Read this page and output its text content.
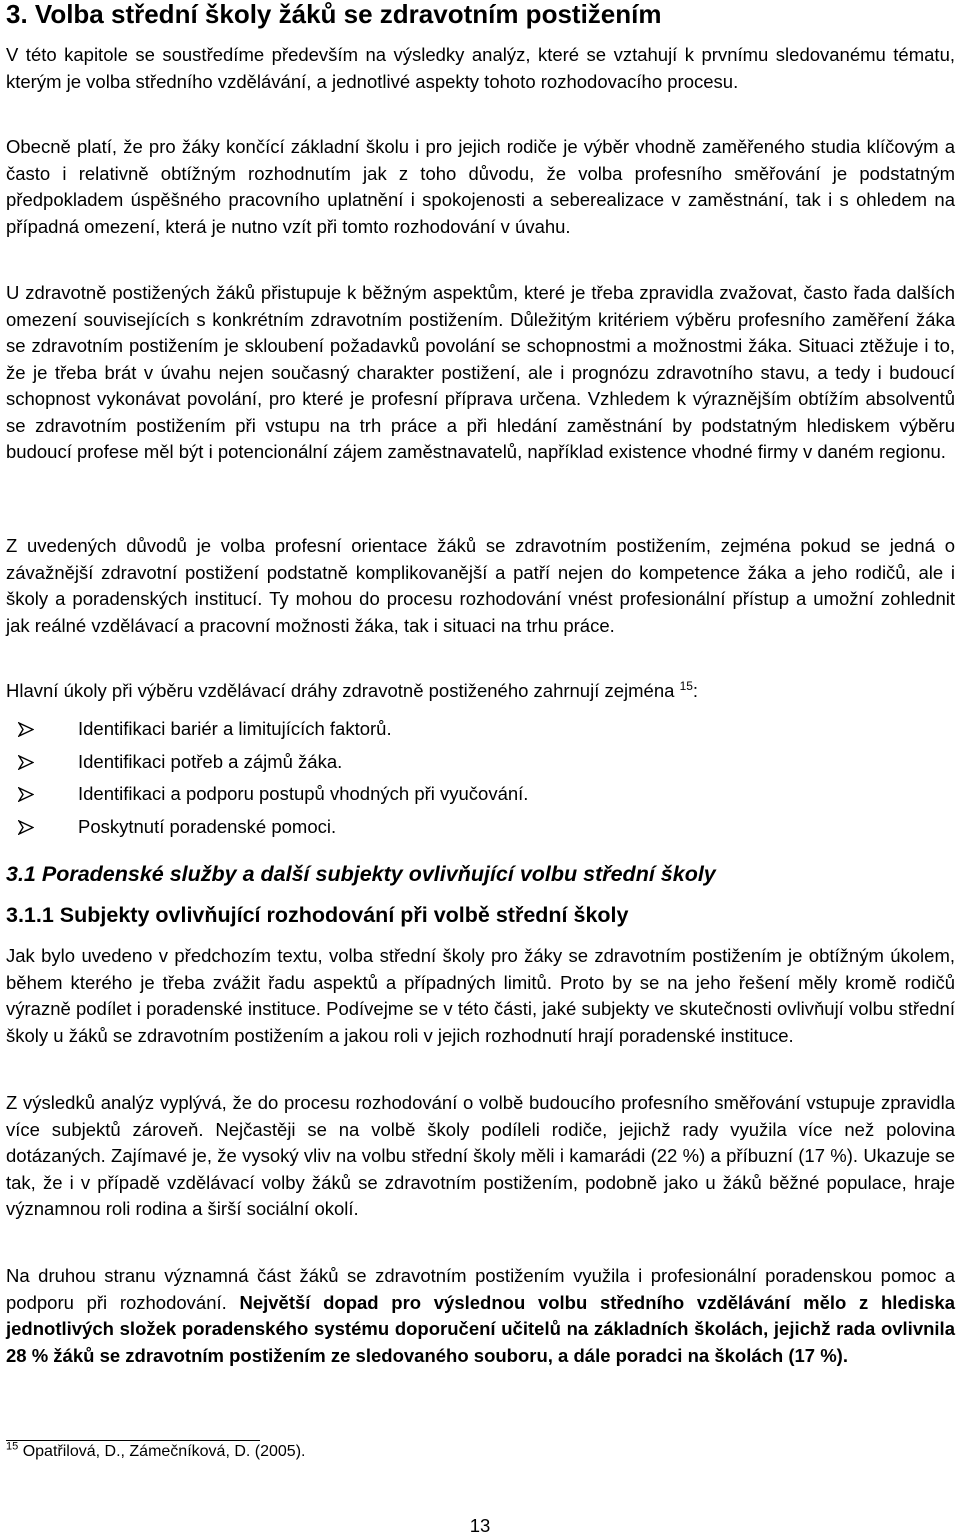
3. Volba střední školy žáků se zdravotním postižením

V této kapitole se soustředíme především na výsledky analýz, které se vztahují k prvnímu sledovanému tématu, kterým je volba středního vzdělávání, a jednotlivé aspekty tohoto rozhodovacího procesu.

Obecně platí, že pro žáky končící základní školu i pro jejich rodiče je výběr vhodně zaměřeného studia klíčovým a často i relativně obtížným rozhodnutím jak z toho důvodu, že volba profesního směřování je podstatným předpokladem úspěšného pracovního uplatnění i spokojenosti a seberealizace v zaměstnání, tak i s ohledem na případná omezení, která je nutno vzít při tomto rozhodování v úvahu.

U zdravotně postižených žáků přistupuje k běžným aspektům, které je třeba zpravidla zvažovat, často řada dalších omezení souvisejících s konkrétním zdravotním postižením. Důležitým kritériem výběru profesního zaměření žáka se zdravotním postižením je skloubení požadavků povolání se schopnostmi a možnostmi žáka. Situaci ztěžuje i to, že je třeba brát v úvahu nejen současný charakter postižení, ale i prognózu zdravotního stavu, a tedy i budoucí schopnost vykonávat povolání, pro které je profesní příprava určena. Vzhledem k výraznějším obtížím absolventů se zdravotním postižením při vstupu na trh práce a při hledání zaměstnání by podstatným hlediskem výběru budoucí profese měl být i potencionální zájem zaměstnavatelů, například existence vhodné firmy v daném regionu.

Z uvedených důvodů je volba profesní orientace žáků se zdravotním postižením, zejména pokud se jedná o závažnější zdravotní postižení podstatně komplikovanější a patří nejen do kompetence žáka a jeho rodičů, ale i školy a poradenských institucí. Ty mohou do procesu rozhodování vnést profesionální přístup a umožní zohlednit jak reálné vzdělávací a pracovní možnosti žáka, tak i situaci na trhu práce.

Hlavní úkoly při výběru vzdělávací dráhy zdravotně postiženého zahrnují zejména $^{15}$:

Identifikaci bariér a limitujících faktorů.
Identifikaci potřeb a zájmů žáka.
Identifikaci a podporu postupů vhodných při vyučování.
Poskytnutí poradenské pomoci.
3.1 Poradenské služby a další subjekty ovlivňující volbu střední školy
3.1.1 Subjekty ovlivňující rozhodování při volbě střední školy

Jak bylo uvedeno v předchozím textu, volba střední školy pro žáky se zdravotním postižením je obtížným úkolem, během kterého je třeba zvážit řadu aspektů a případných limitů. Proto by se na jeho řešení měly kromě rodičů výrazně podílet i poradenské instituce. Podívejme se v této části, jaké subjekty ve skutečnosti ovlivňují volbu střední školy u žáků se zdravotním postižením a jakou roli v jejich rozhodnutí hrají poradenské instituce.

Z výsledků analýz vyplývá, že do procesu rozhodování o volbě budoucího profesního směřování vstupuje zpravidla více subjektů zároveň. Nejčastěji se na volbě školy podíleli rodiče, jejichž rady využila více než polovina dotázaných. Zajímavé je, že vysoký vliv na volbu střední školy měli i kamarádi (22 %) a příbuzní (17 %). Ukazuje se tak, že i v případě vzdělávací volby žáků se zdravotním postižením, podobně jako u žáků běžné populace, hraje významnou roli rodina a širší sociální okolí.

Na druhou stranu významná část žáků se zdravotním postižením využila i profesionální poradenskou pomoc a podporu při rozhodování. Největší dopad pro výslednou volbu středního vzdělávání mělo z hlediska jednotlivých složek poradenského systému doporučení učitelů na základních školách, jejichž rada ovlivnila 28 % žáků se zdravotním postižením ze sledovaného souboru, a dále poradci na školách (17 %).

$^{15}$ Opatřilová, D., Zámečníková, D. (2005).
13
